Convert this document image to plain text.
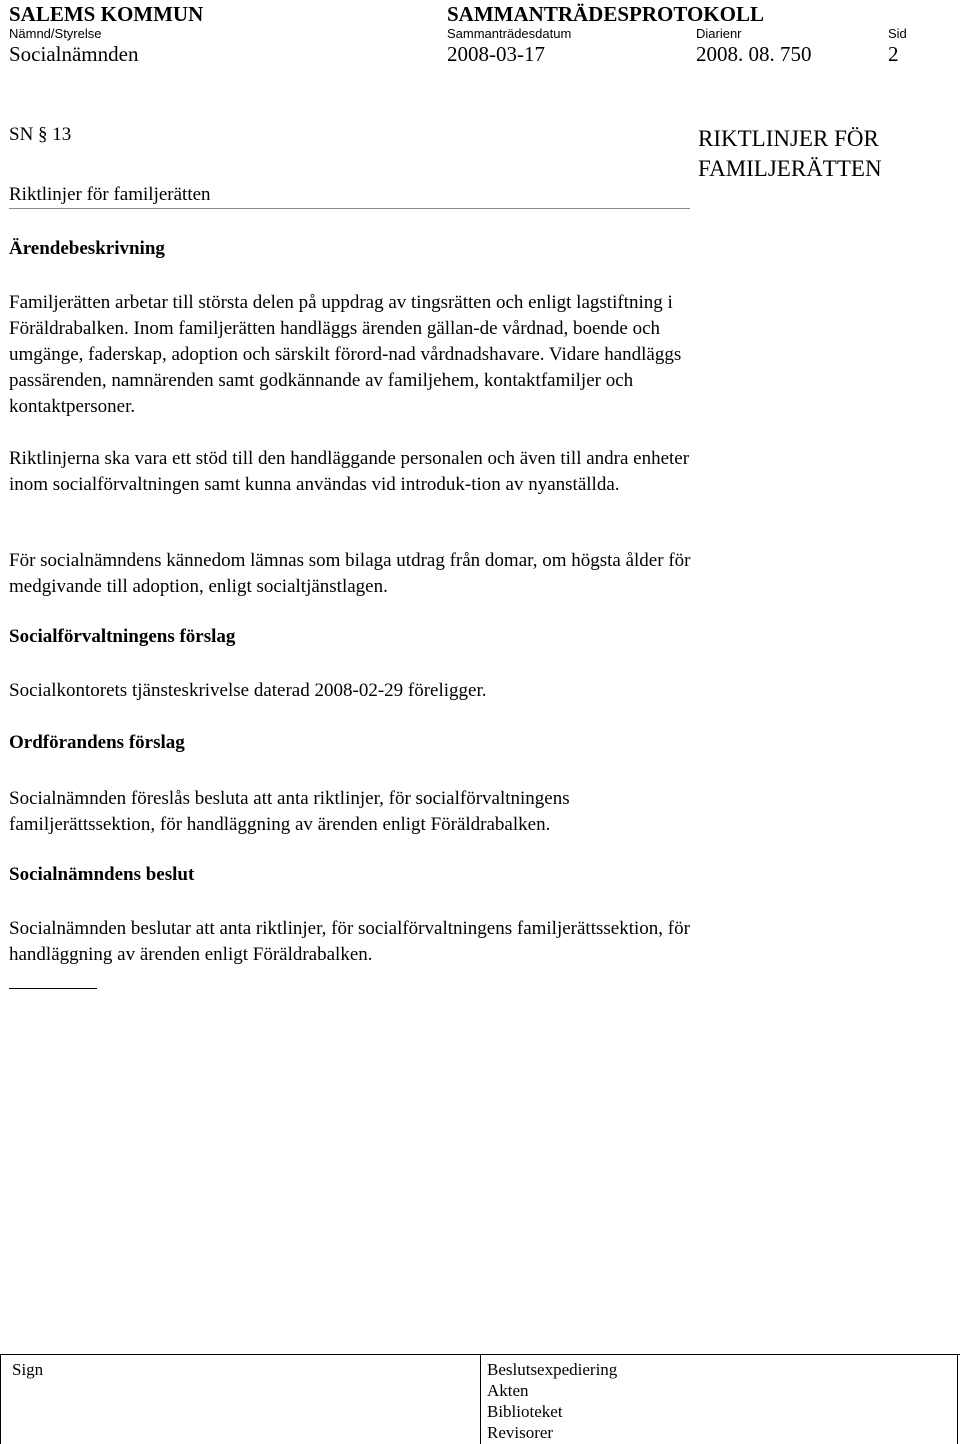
SALEMS KOMMUN	SAMMANTRÄDESPROTOKOLL
Nämnd/Styrelse	Sammanträdesdatum	Diarienr	Sid
Socialnämnden	2008-03-17	2008. 08. 750	2
SN § 13
Riktlinjer för familjerätten
RIKTLINJER FÖR FAMILJERÄTTEN
Ärendebeskrivning
Familjerätten arbetar till största delen på uppdrag av tingsrätten och enligt lagstiftning i Föräldrabalken. Inom familjerätten handläggs ärenden gällan-de vårdnad, boende och umgänge, faderskap, adoption och särskilt förord-nad vårdnadshavare. Vidare handläggs passärenden, namnärenden samt godkännande av familjehem, kontaktfamiljer och kontaktpersoner.
Riktlinjerna ska vara ett stöd till den handläggande personalen och även till andra enheter inom socialförvaltningen samt kunna användas vid introduk-tion av nyanställda.
För socialnämndens kännedom lämnas som bilaga utdrag från domar, om högsta ålder för medgivande till adoption, enligt socialtjänstlagen.
Socialförvaltningens förslag
Socialkontorets tjänsteskrivelse daterad 2008-02-29 föreligger.
Ordförandens förslag
Socialnämnden föreslås besluta att anta riktlinjer, för socialförvaltningens familjerättssektion, för handläggning av ärenden enligt Föräldrabalken.
Socialnämndens beslut
Socialnämnden beslutar att anta riktlinjer, för socialförvaltningens familjerättssektion, för handläggning av ärenden enligt Föräldrabalken.
Sign	Beslutsexpediering
Akten
Biblioteket
Revisorer
